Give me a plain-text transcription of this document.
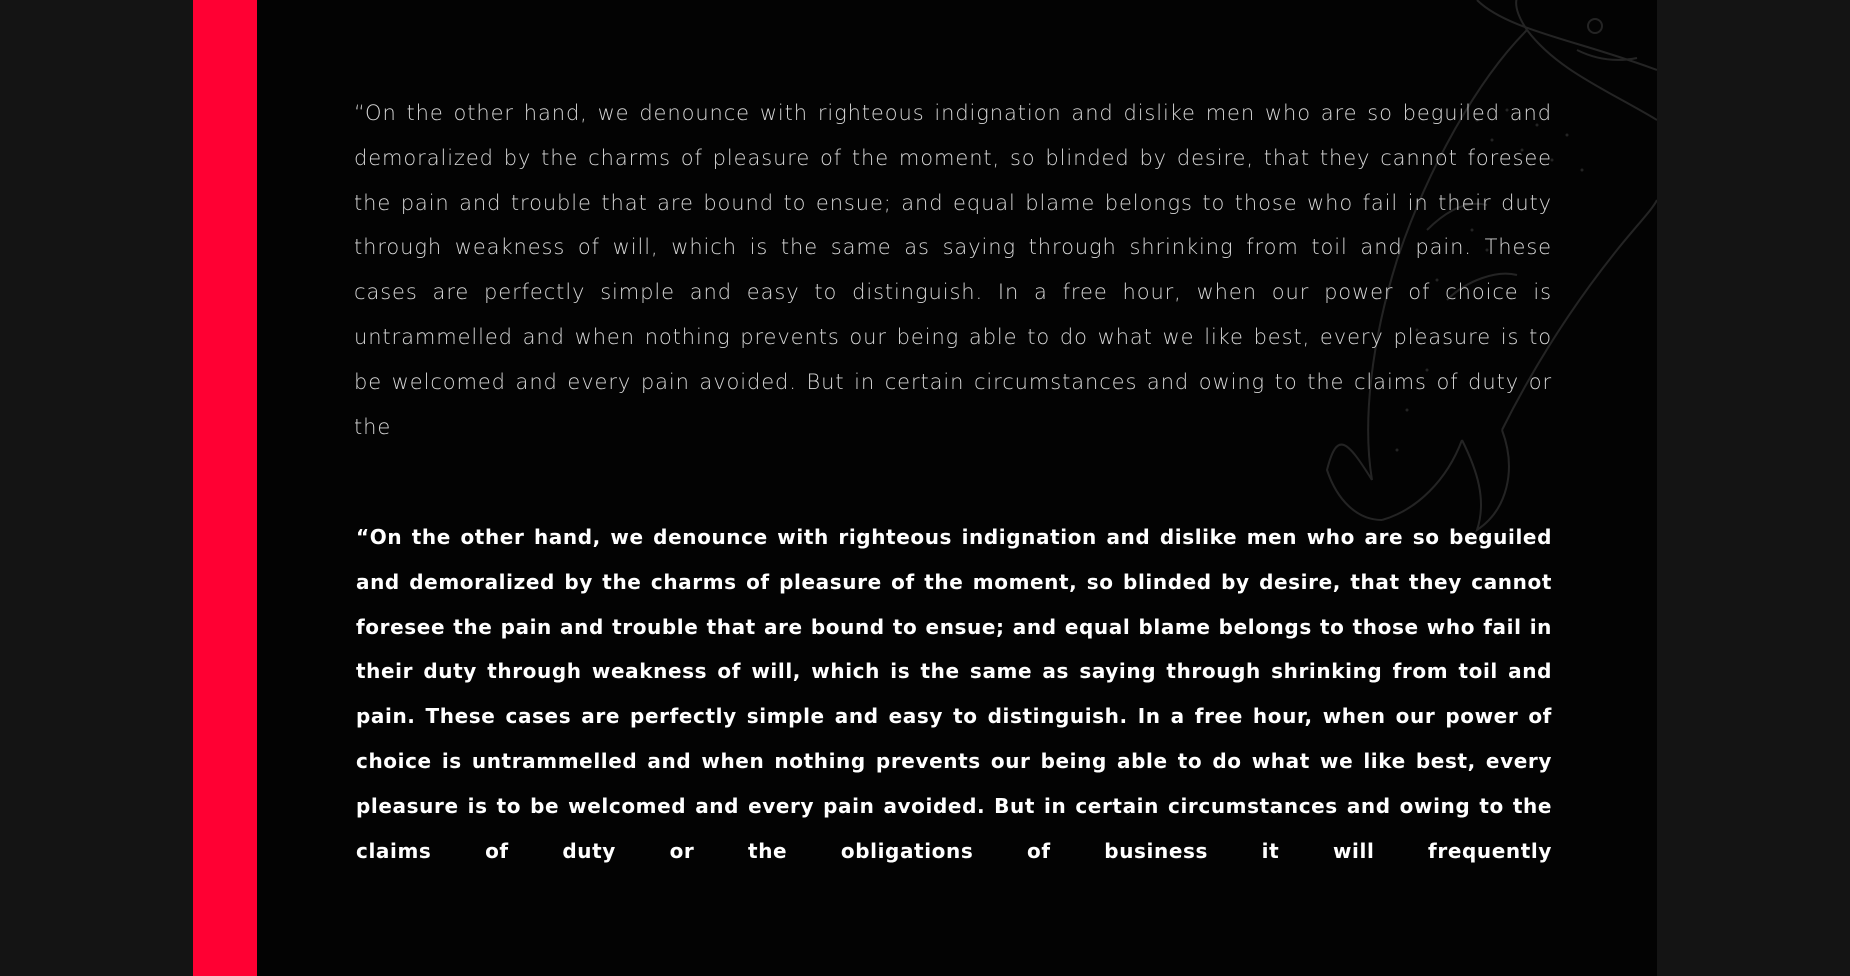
“On the other hand, we denounce with righteous indignation and dislike men who are so beguiled and demoralized by the charms of pleasure of the moment, so blinded by desire, that they cannot foresee the pain and trouble that are bound to ensue; and equal blame belongs to those who fail in their duty through weakness of will, which is the same as saying through shrinking from toil and pain. These cases are perfectly simple and easy to distinguish. In a free hour, when our power of choice is untrammelled and when nothing prevents our being able to do what we like best, every pleasure is to be welcomed and every pain avoided. But in certain circumstances and owing to the claims of duty or the

“On the other hand, we denounce with righteous indignation and dislike men who are so beguiled and demoralized by the charms of pleasure of the moment, so blinded by desire, that they cannot foresee the pain and trouble that are bound to ensue; and equal blame belongs to those who fail in their duty through weakness of will, which is the same as saying through shrinking from toil and pain. These cases are perfectly simple and easy to distinguish. In a free hour, when our power of choice is untrammelled and when nothing prevents our being able to do what we like best, every pleasure is to be welcomed and every pain avoided. But in certain circumstances and owing to the claims of duty or the obligations of business it will frequently
